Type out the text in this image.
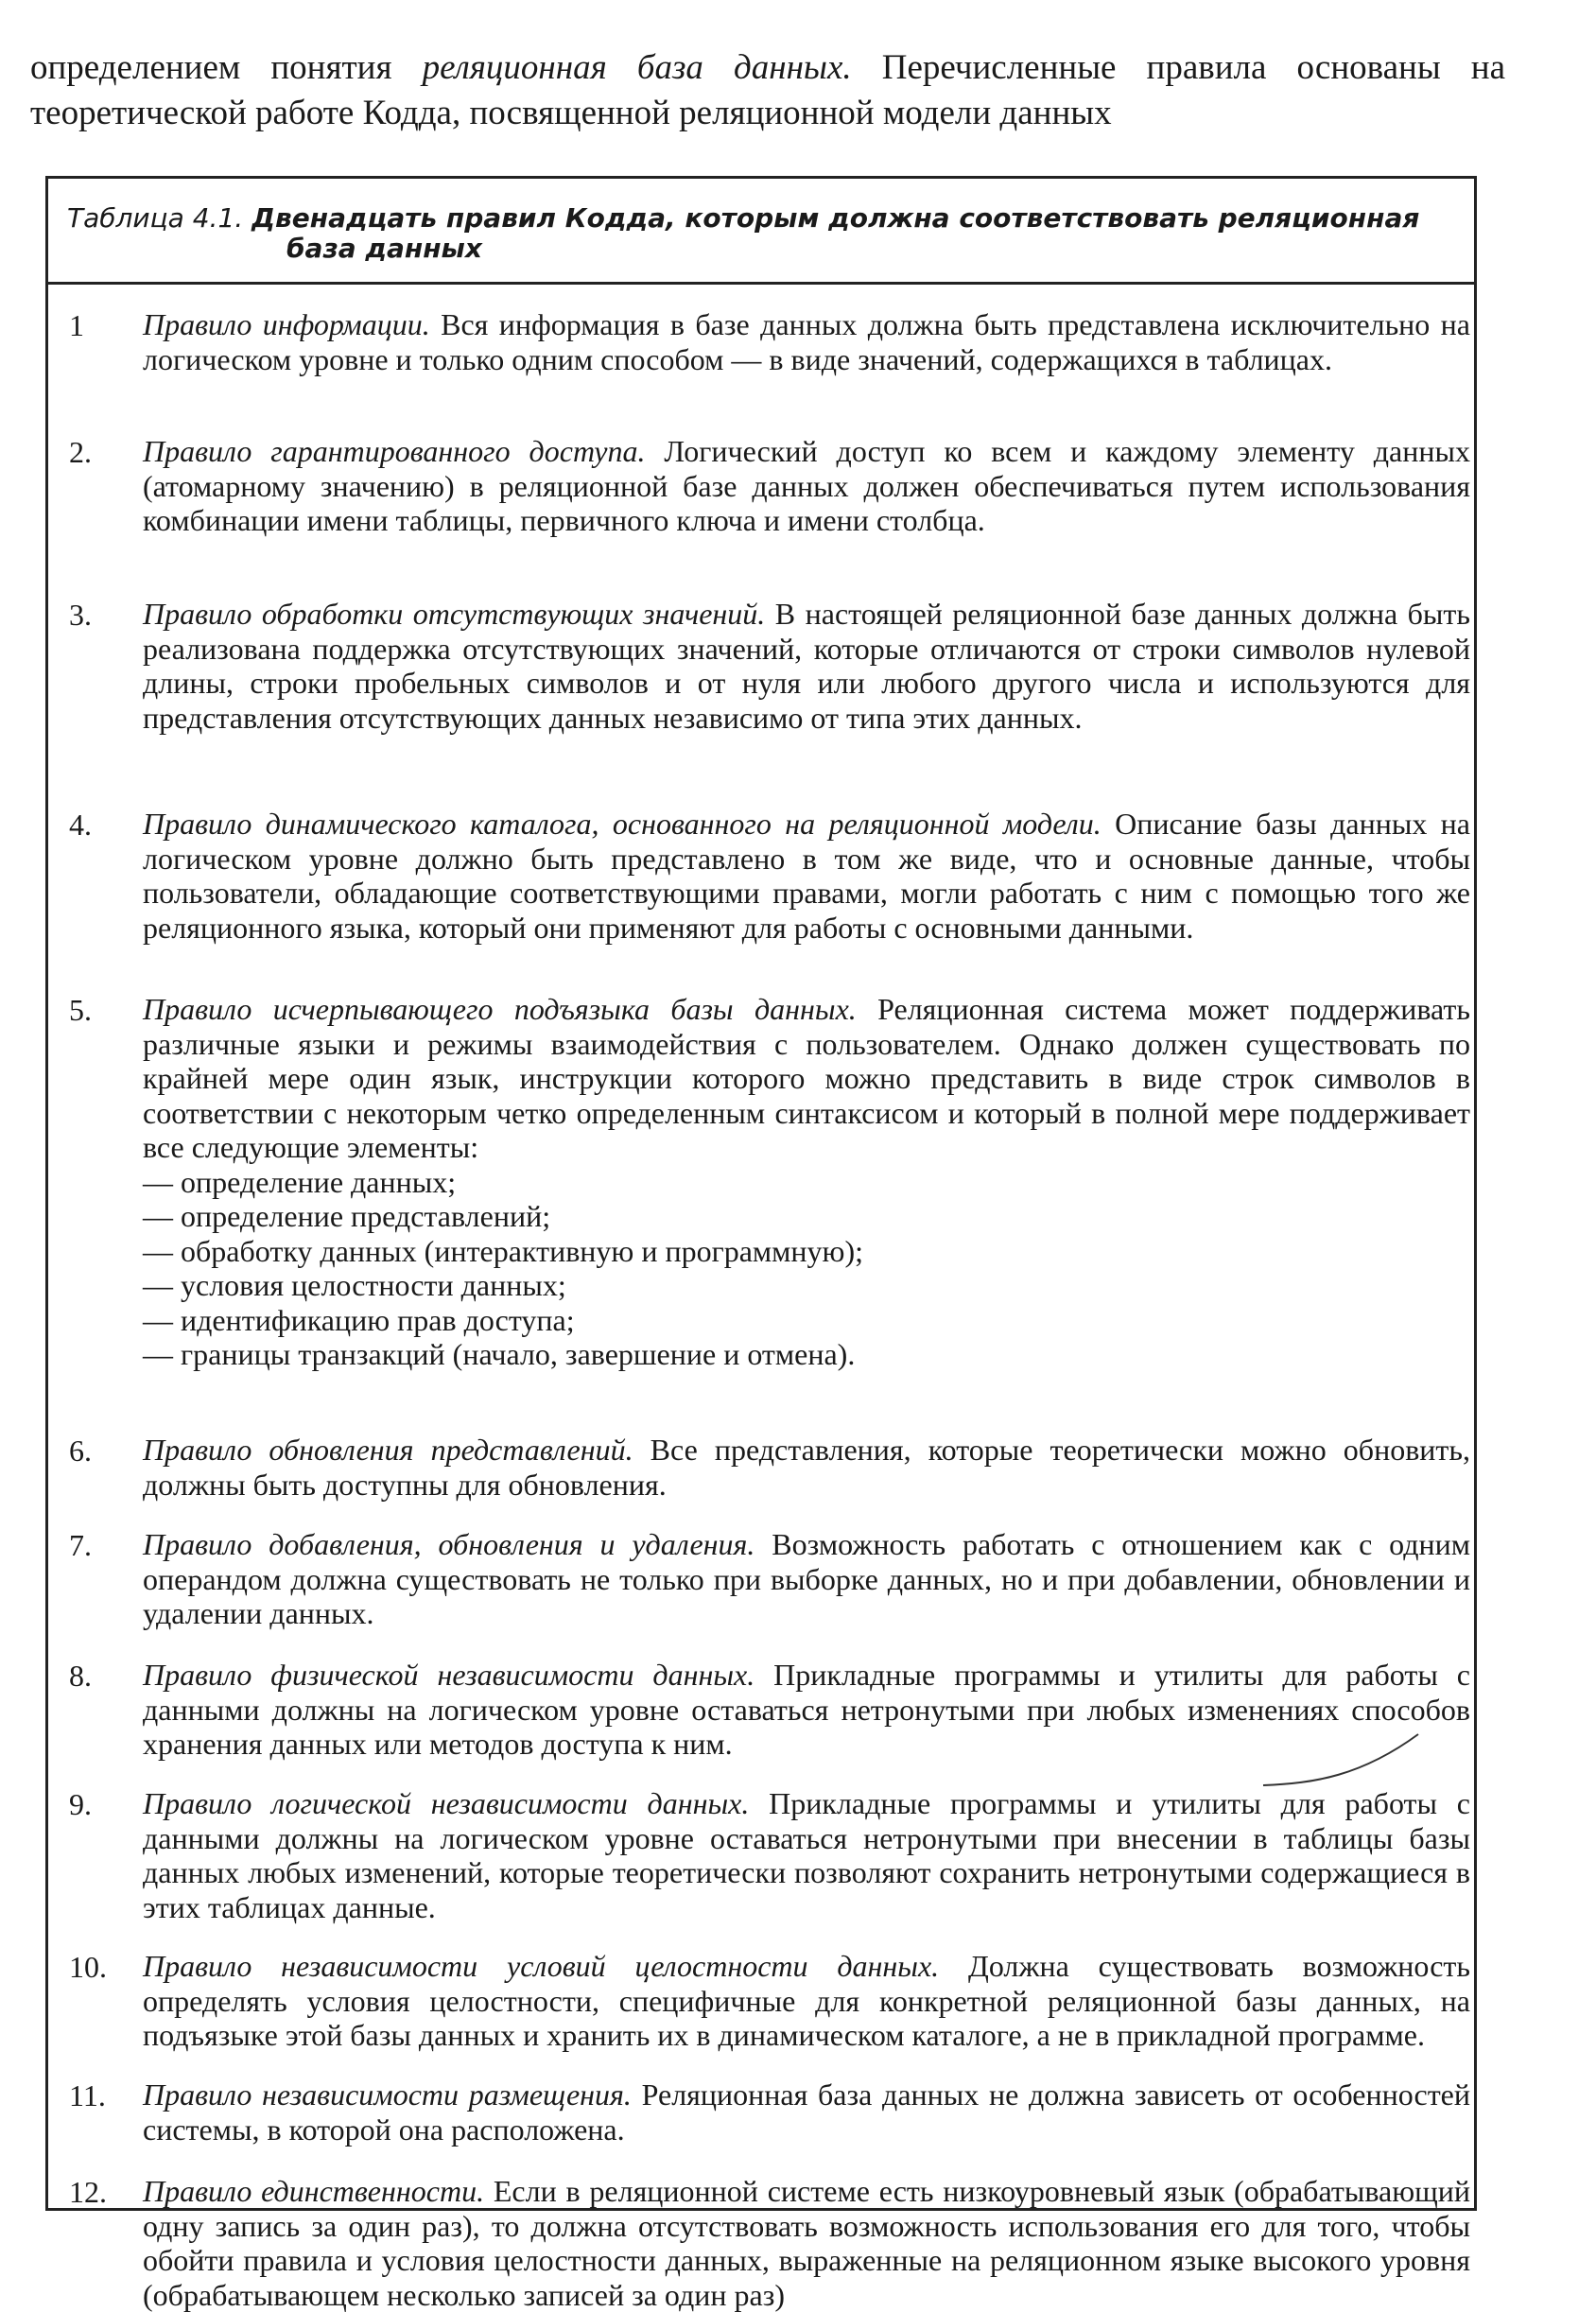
определением понятия реляционная база данных. Перечисленные правила основаны на теоретической работе Кодда, посвященной реляционной модели данных

Таблица 4.1. Двенадцать правил Кодда, которым должна соответствовать реляционная
база данных
1 Правило информации. Вся информация в базе данных должна быть представлена исключительно на логическом уровне и только одним способом — в виде значений, содержащихся в таблицах.
2. Правило гарантированного доступа. Логический доступ ко всем и каждому элементу данных (атомарному значению) в реляционной базе данных должен обеспечиваться путем использования комбинации имени таблицы, первичного ключа и имени столбца.
3. Правило обработки отсутствующих значений. В настоящей реляционной базе данных должна быть реализована поддержка отсутствующих значений, которые отличаются от строки символов нулевой длины, строки пробельных символов и от нуля или любого другого числа и используются для представления отсутствующих данных независимо от типа этих данных.
4. Правило динамического каталога, основанного на реляционной модели. Описание базы данных на логическом уровне должно быть представлено в том же виде, что и основные данные, чтобы пользователи, обладающие соответствующими правами, могли работать с ним с помощью того же реляционного языка, который они применяют для работы с основными данными.
5. Правило исчерпывающего подъязыка базы данных. Реляционная система может поддерживать различные языки и режимы взаимодействия с пользователем. Однако должен существовать по крайней мере один язык, инструкции которого можно представить в виде строк символов в соответствии с некоторым четко определенным синтаксисом и который в полной мере поддерживает все следующие элементы:
— определение данных;
— определение представлений;
— обработку данных (интерактивную и программную);
— условия целостности данных;
— идентификацию прав доступа;
— границы транзакций (начало, завершение и отмена).
6. Правило обновления представлений. Все представления, которые теоретически можно обновить, должны быть доступны для обновления.
7. Правило добавления, обновления и удаления. Возможность работать с отношением как с одним операндом должна существовать не только при выборке данных, но и при добавлении, обновлении и удалении данных.
8. Правило физической независимости данных. Прикладные программы и утилиты для работы с данными должны на логическом уровне оставаться нетронутыми при любых изменениях способов хранения данных или методов доступа к ним.
9. Правило логической независимости данных. Прикладные программы и утилиты для работы с данными должны на логическом уровне оставаться нетронутыми при внесении в таблицы базы данных любых изменений, которые теоретически позволяют сохранить нетронутыми содержащиеся в этих таблицах данные.
10. Правило независимости условий целостности данных. Должна существовать возможность определять условия целостности, специфичные для конкретной реляционной базы данных, на подъязыке этой базы данных и хранить их в динамическом каталоге, а не в прикладной программе.
11. Правило независимости размещения. Реляционная база данных не должна зависеть от особенностей системы, в которой она расположена.
12. Правило единственности. Если в реляционной системе есть низкоуровневый язык (обрабатывающий одну запись за один раз), то должна отсутствовать возможность использования его для того, чтобы обойти правила и условия целостности данных, выраженные на реляционном языке высокого уровня (обрабатывающем несколько записей за один раз)
